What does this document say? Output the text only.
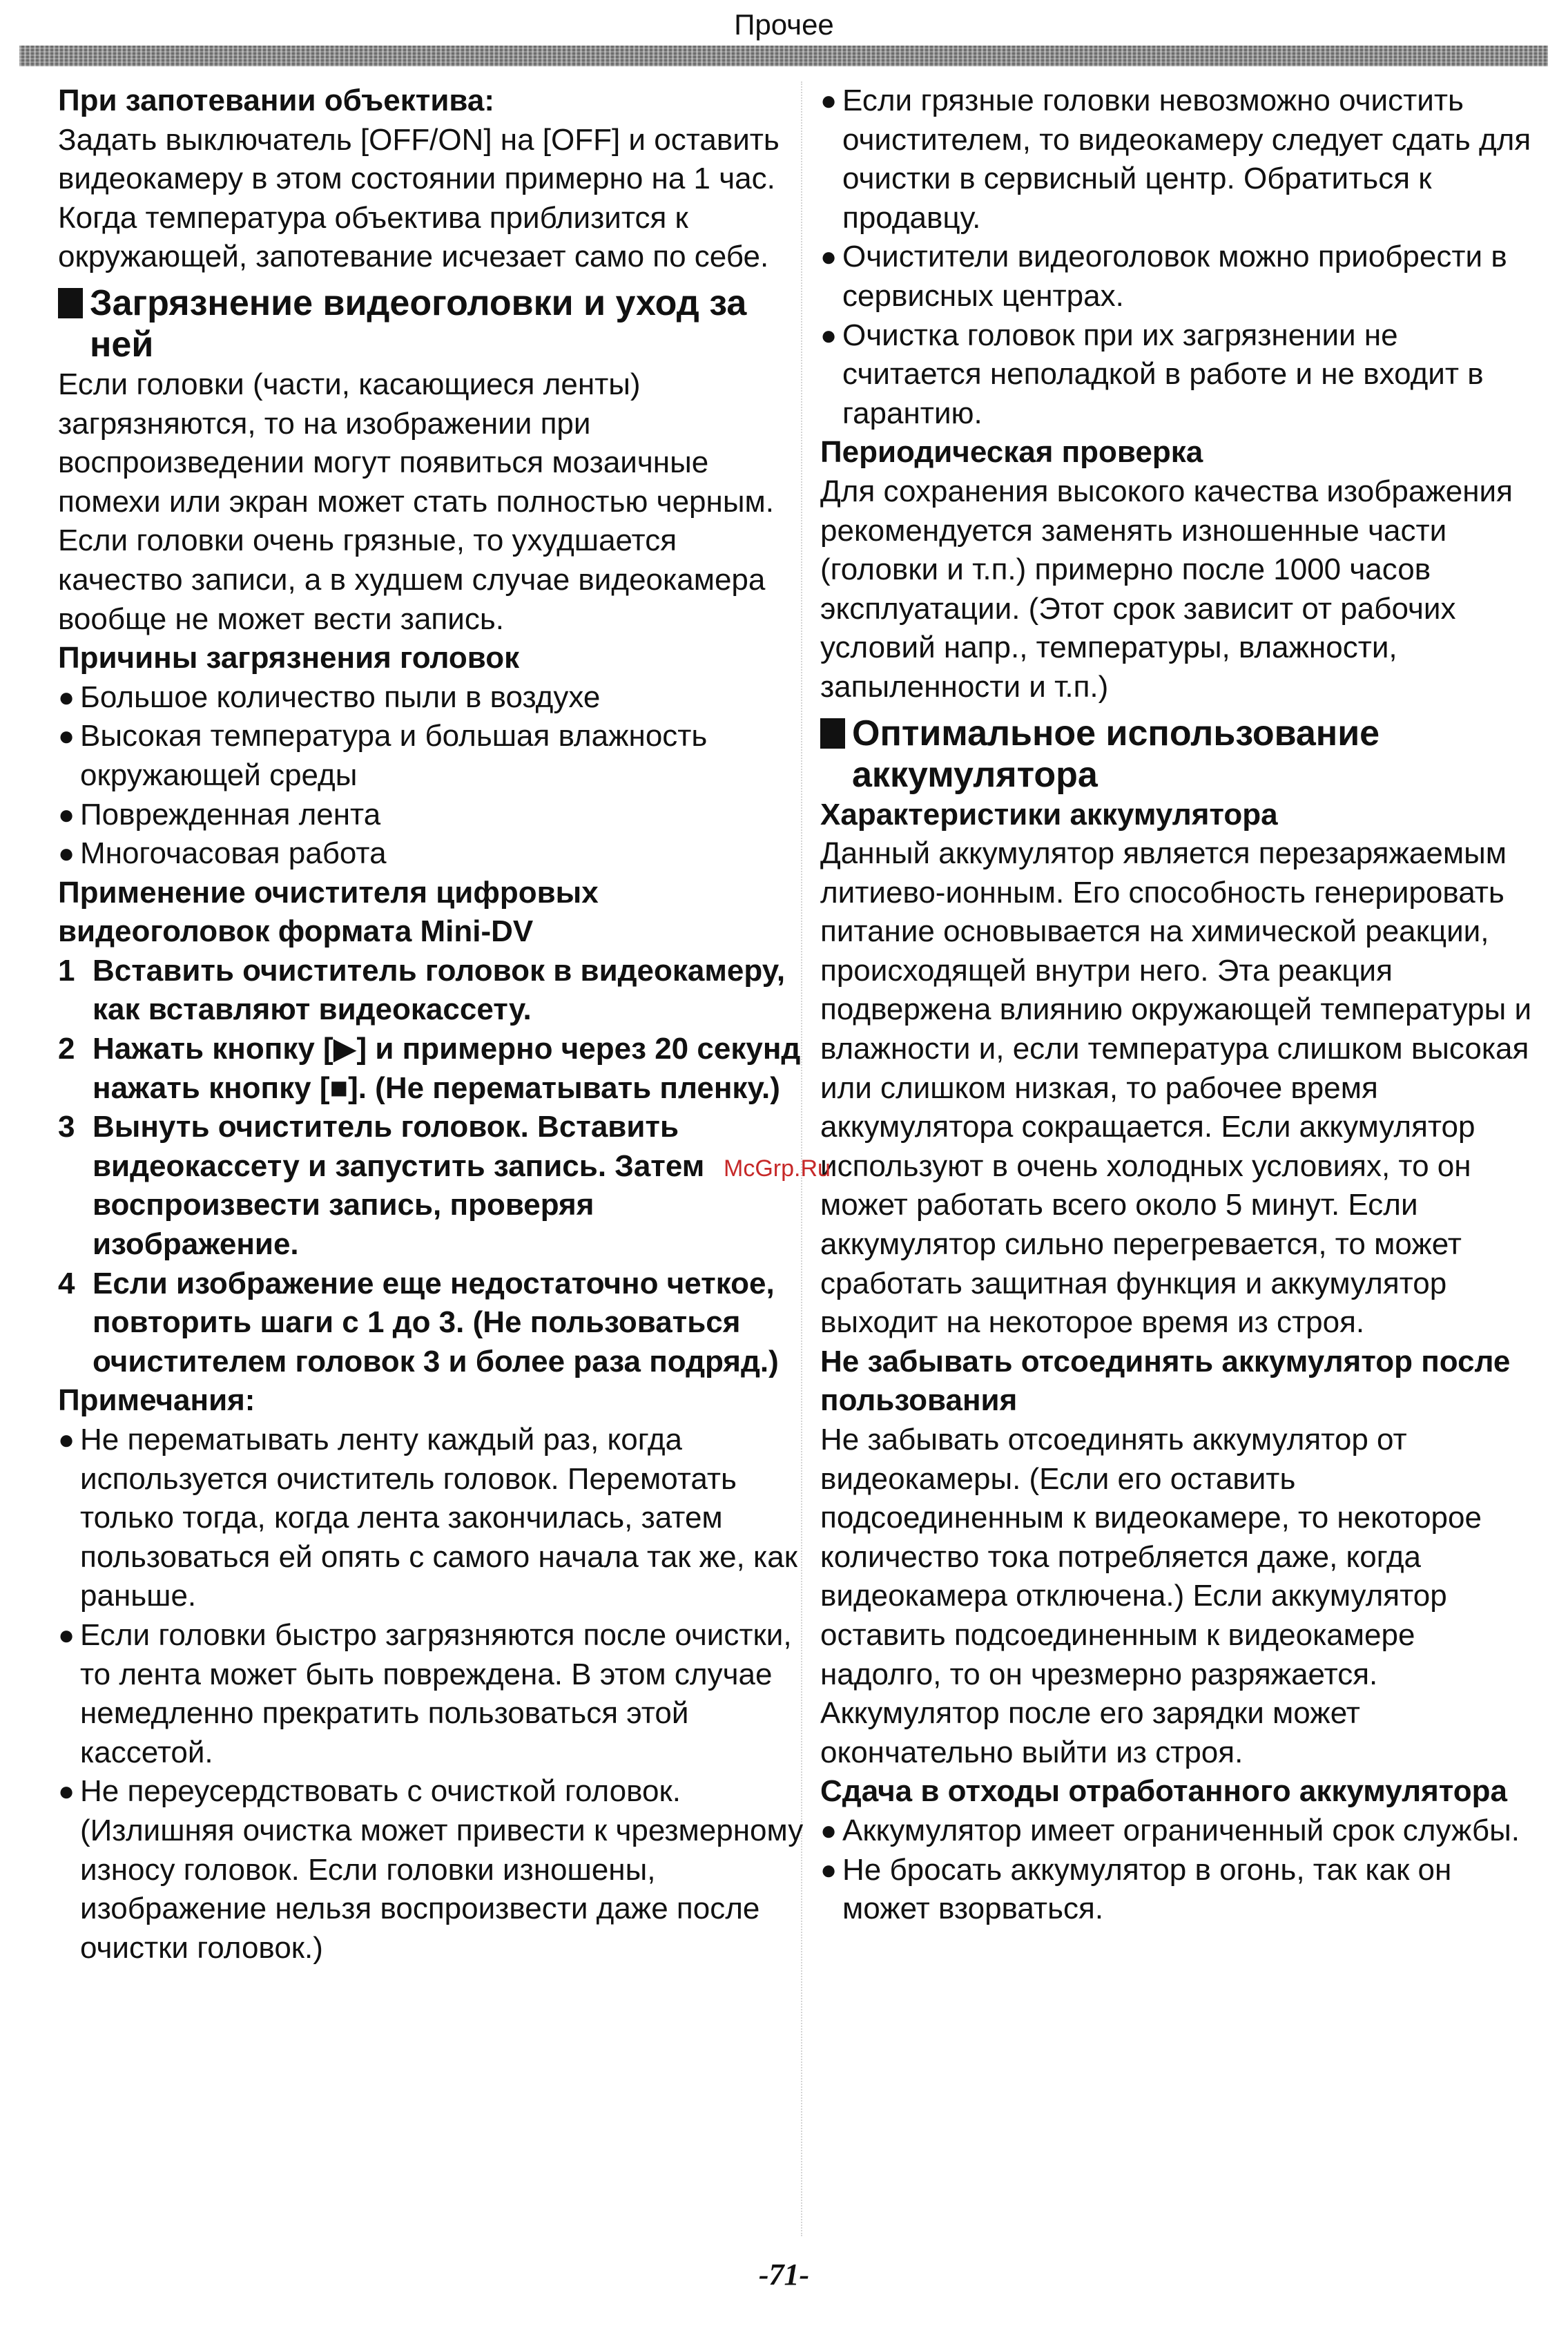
Прочее

При запотевании объектива:

Задать выключатель [OFF/ON] на [OFF] и оставить видеокамеру в этом состоянии примерно на 1 час. Когда температура объектива приблизится к окружающей, запотевание исчезает само по себе.

Загрязнение видеоголовки и уход за ней

Если головки (части, касающиеся ленты) загрязняются, то на изображении при воспроизведении могут появиться мозаичные помехи или экран может стать полностью черным. Если головки очень грязные, то ухудшается качество записи, а в худшем случае видеокамера вообще не может вести запись.

Причины загрязнения головок

● Большое количество пыли в воздухе
● Высокая температура и большая влажность окружающей среды
● Поврежденная лента
● Многочасовая работа

Применение очистителя цифровых видеоголовок формата Mini-DV

1 Вставить очиститель головок в видеокамеру, как вставляют видеокассету.
2 Нажать кнопку [▶] и примерно через 20 секунд нажать кнопку [■]. (Не перематывать пленку.)
3 Вынуть очиститель головок. Вставить видеокассету и запустить запись. Затем воспроизвести запись, проверяя изображение.
4 Если изображение еще недостаточно четкое, повторить шаги с 1 до 3. (Не пользоваться очистителем головок 3 и более раза подряд.)

Примечания:

● Не перематывать ленту каждый раз, когда используется очиститель головок. Перемотать только тогда, когда лента закончилась, затем пользоваться ей опять с самого начала так же, как раньше.
● Если головки быстро загрязняются после очистки, то лента может быть повреждена. В этом случае немедленно прекратить пользоваться этой кассетой.
● Не переусердствовать с очисткой головок. (Излишняя очистка может привести к чрезмерному износу головок. Если головки изношены, изображение нельзя воспроизвести даже после очистки головок.)
● Если грязные головки невозможно очистить очистителем, то видеокамеру следует сдать для очистки в сервисный центр. Обратиться к продавцу.
● Очистители видеоголовок можно приобрести в сервисных центрах.
● Очистка головок при их загрязнении не считается неполадкой в работе и не входит в гарантию.

Периодическая проверка

Для сохранения высокого качества изображения рекомендуется заменять изношенные части (головки и т.п.) примерно после 1000 часов эксплуатации. (Этот срок зависит от рабочих условий напр., температуры, влажности, запыленности и т.п.)

Оптимальное использование аккумулятора

Характеристики аккумулятора

Данный аккумулятор является перезаряжаемым литиево-ионным. Его способность генерировать питание основывается на химической реакции, происходящей внутри него. Эта реакция подвержена влиянию окружающей температуры и влажности и, если температура слишком высокая или слишком низкая, то рабочее время аккумулятора сокращается. Если аккумулятор используют в очень холодных условиях, то он может работать всего около 5 минут. Если аккумулятор сильно перегревается, то может сработать защитная функция и аккумулятор выходит на некоторое время из строя.

Не забывать отсоединять аккумулятор после пользования

Не забывать отсоединять аккумулятор от видеокамеры. (Если его оставить подсоединенным к видеокамере, то некоторое количество тока потребляется даже, когда видеокамера отключена.) Если аккумулятор оставить подсоединенным к видеокамере надолго, то он чрезмерно разряжается. Аккумулятор после его зарядки может окончательно выйти из строя.

Сдача в отходы отработанного аккумулятора

● Аккумулятор имеет ограниченный срок службы.
● Не бросать аккумулятор в огонь, так как он может взорваться.
McGrp.Ru
-71-
